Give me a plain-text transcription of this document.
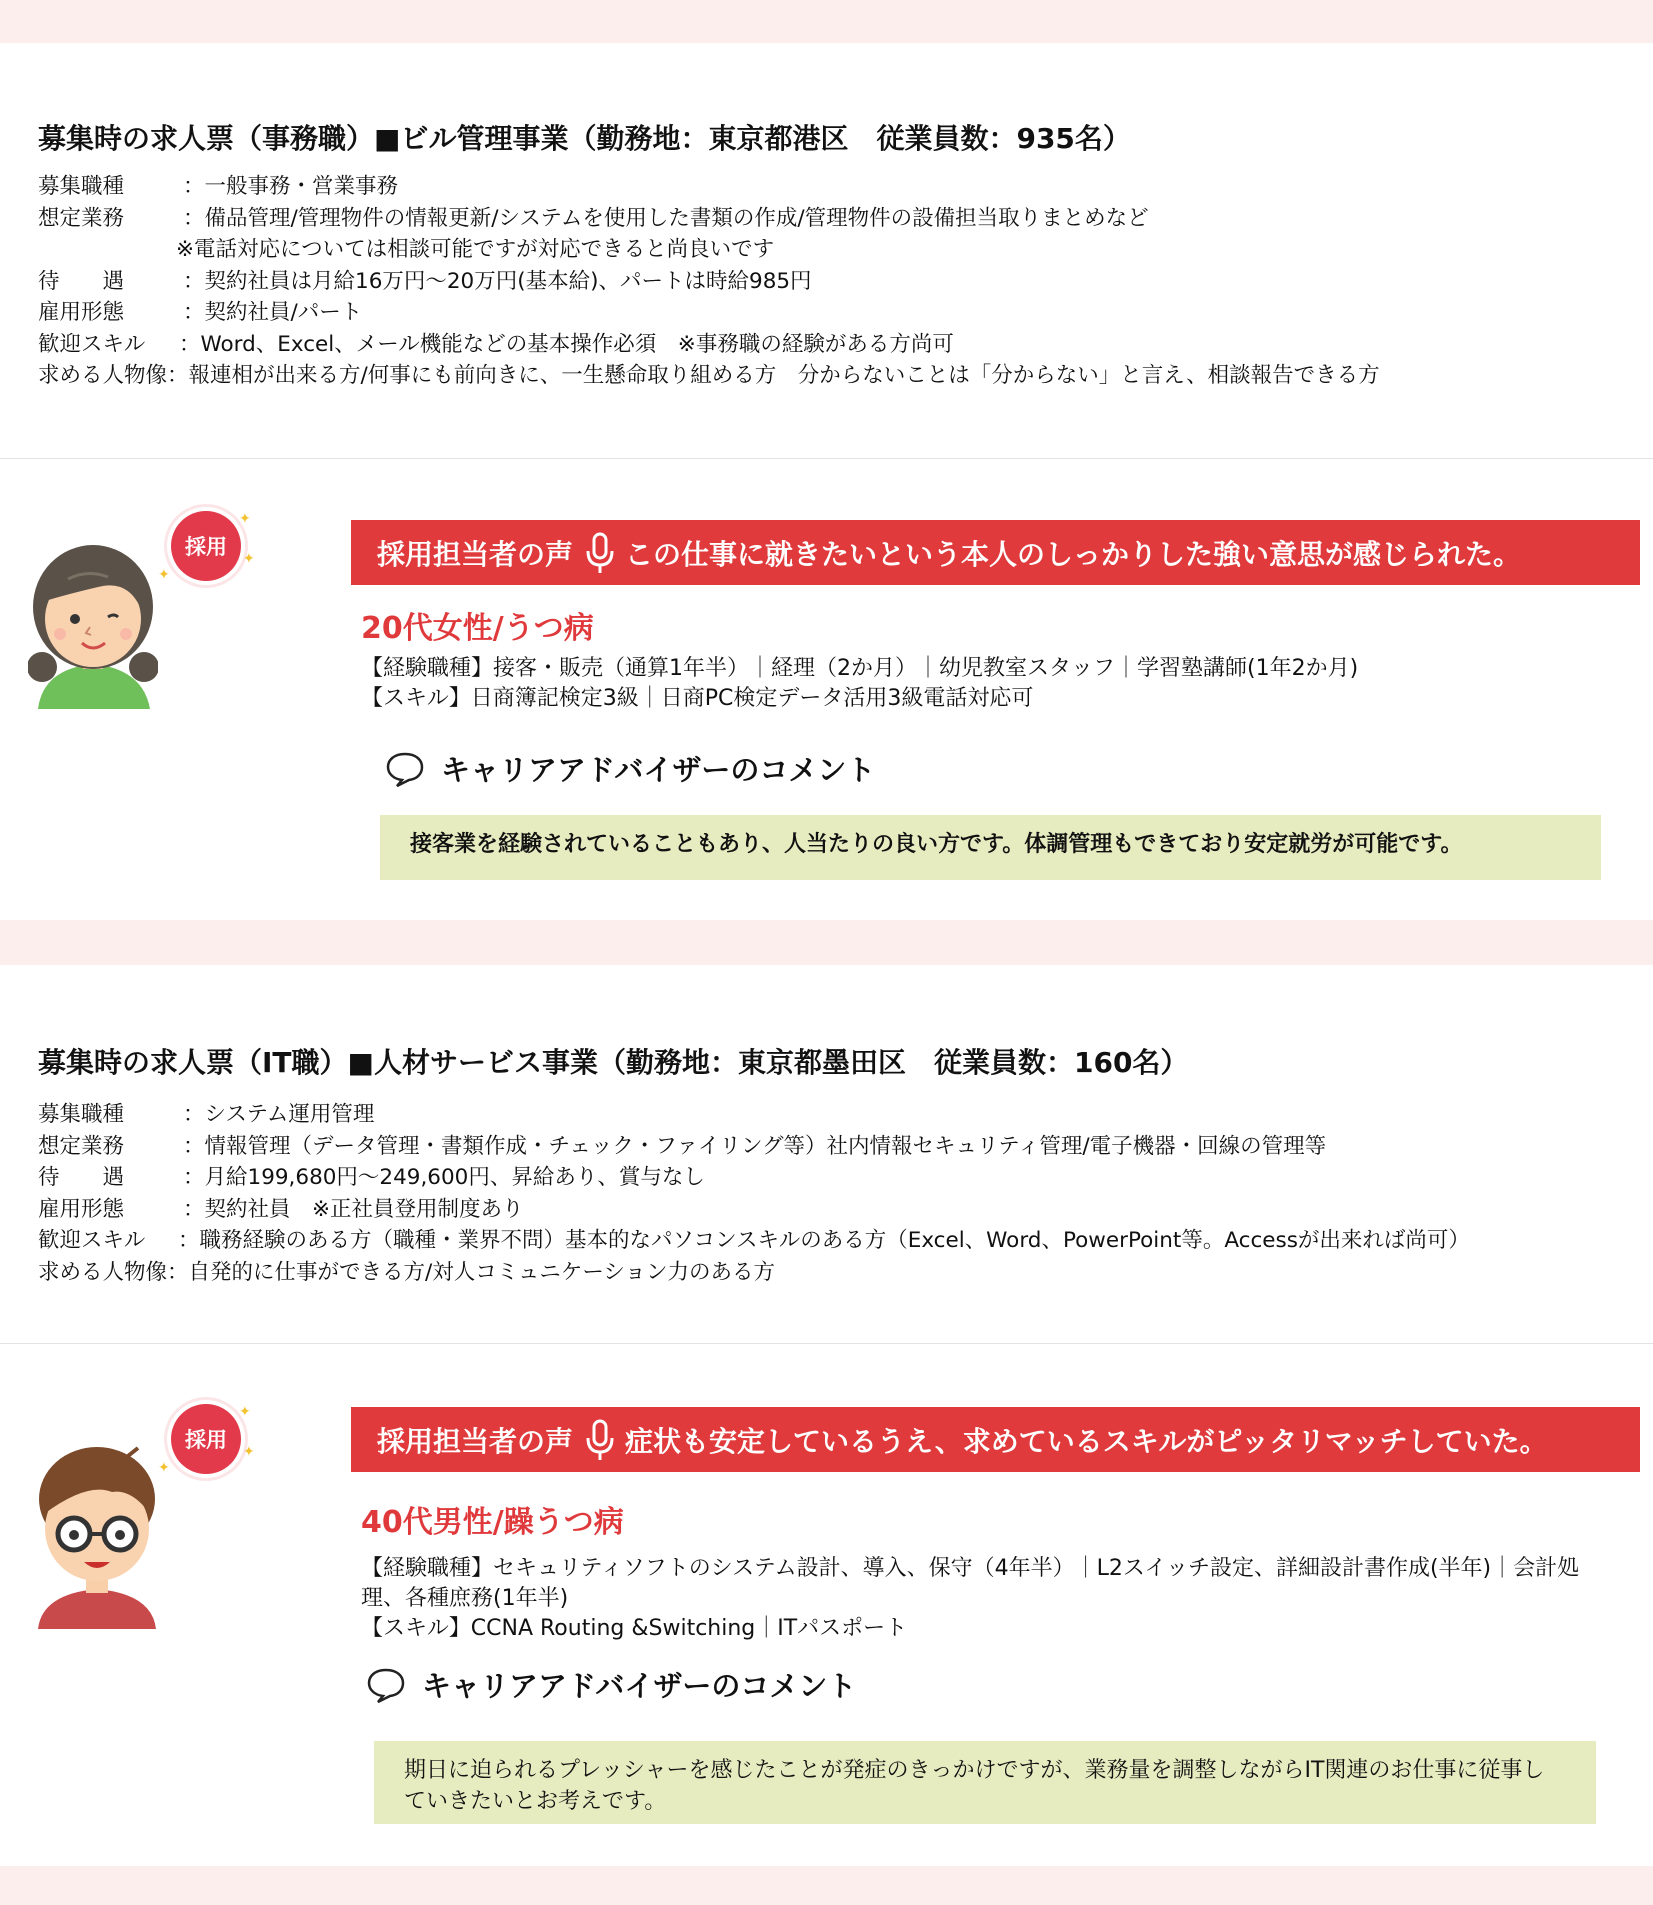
募集時の求人票（事務職）■ビル管理事業（勤務地：東京都港区　従業員数：935名）
募集職種	： 一般事務・営業事務
想定業務	： 備品管理/管理物件の情報更新/システムを使用した書類の作成/管理物件の設備担当取りまとめなど
※電話対応については相談可能ですが対応できると尚良いです
待　　遇	： 契約社員は月給16万円～20万円(基本給)、パートは時給985円
雇用形態	： 契約社員/パート
歓迎スキル	： Word、Excel、メール機能などの基本操作必須　※事務職の経験がある方尚可
求める人物像 ： 報連相が出来る方/何事にも前向きに、一生懸命取り組める方　分からないことは「分からない」と言え、相談報告できる方
採用
✦
✦
✦	採用担当者の声 この仕事に就きたいという本人のしっかりした強い意思が感じられた。
20代女性/うつ病
【経験職種】接客・販売（通算1年半）｜経理（2か月）｜幼児教室スタッフ｜学習塾講師(1年2か月)
【スキル】日商簿記検定3級｜日商PC検定データ活用3級電話対応可
キャリアアドバイザーのコメント
接客業を経験されていることもあり、人当たりの良い方です。体調管理もできており安定就労が可能です。
募集時の求人票（IT職）■人材サービス事業（勤務地：東京都墨田区　従業員数：160名）
募集職種	： システム運用管理
想定業務	： 情報管理（データ管理・書類作成・チェック・ファイリング等）社内情報セキュリティ管理/電子機器・回線の管理等
待　　遇	： 月給199,680円～249,600円、昇給あり、賞与なし
雇用形態	： 契約社員　※正社員登用制度あり
歓迎スキル	： 職務経験のある方（職種・業界不問）基本的なパソコンスキルのある方（Excel、Word、PowerPoint等。Accessが出来れば尚可）
求める人物像 ： 自発的に仕事ができる方/対人コミュニケーション力のある方
採用
✦
✦
✦	採用担当者の声 症状も安定しているうえ、求めているスキルがピッタリマッチしていた。
40代男性/躁うつ病
【経験職種】セキュリティソフトのシステム設計、導入、保守（4年半）｜L2スイッチ設定、詳細設計書作成(半年)｜会計処理、各種庶務(1年半)
【スキル】CCNA Routing &Switching｜ITパスポート
キャリアアドバイザーのコメント
期日に迫られるプレッシャーを感じたことが発症のきっかけですが、業務量を調整しながらIT関連のお仕事に従事していきたいとお考えです。
